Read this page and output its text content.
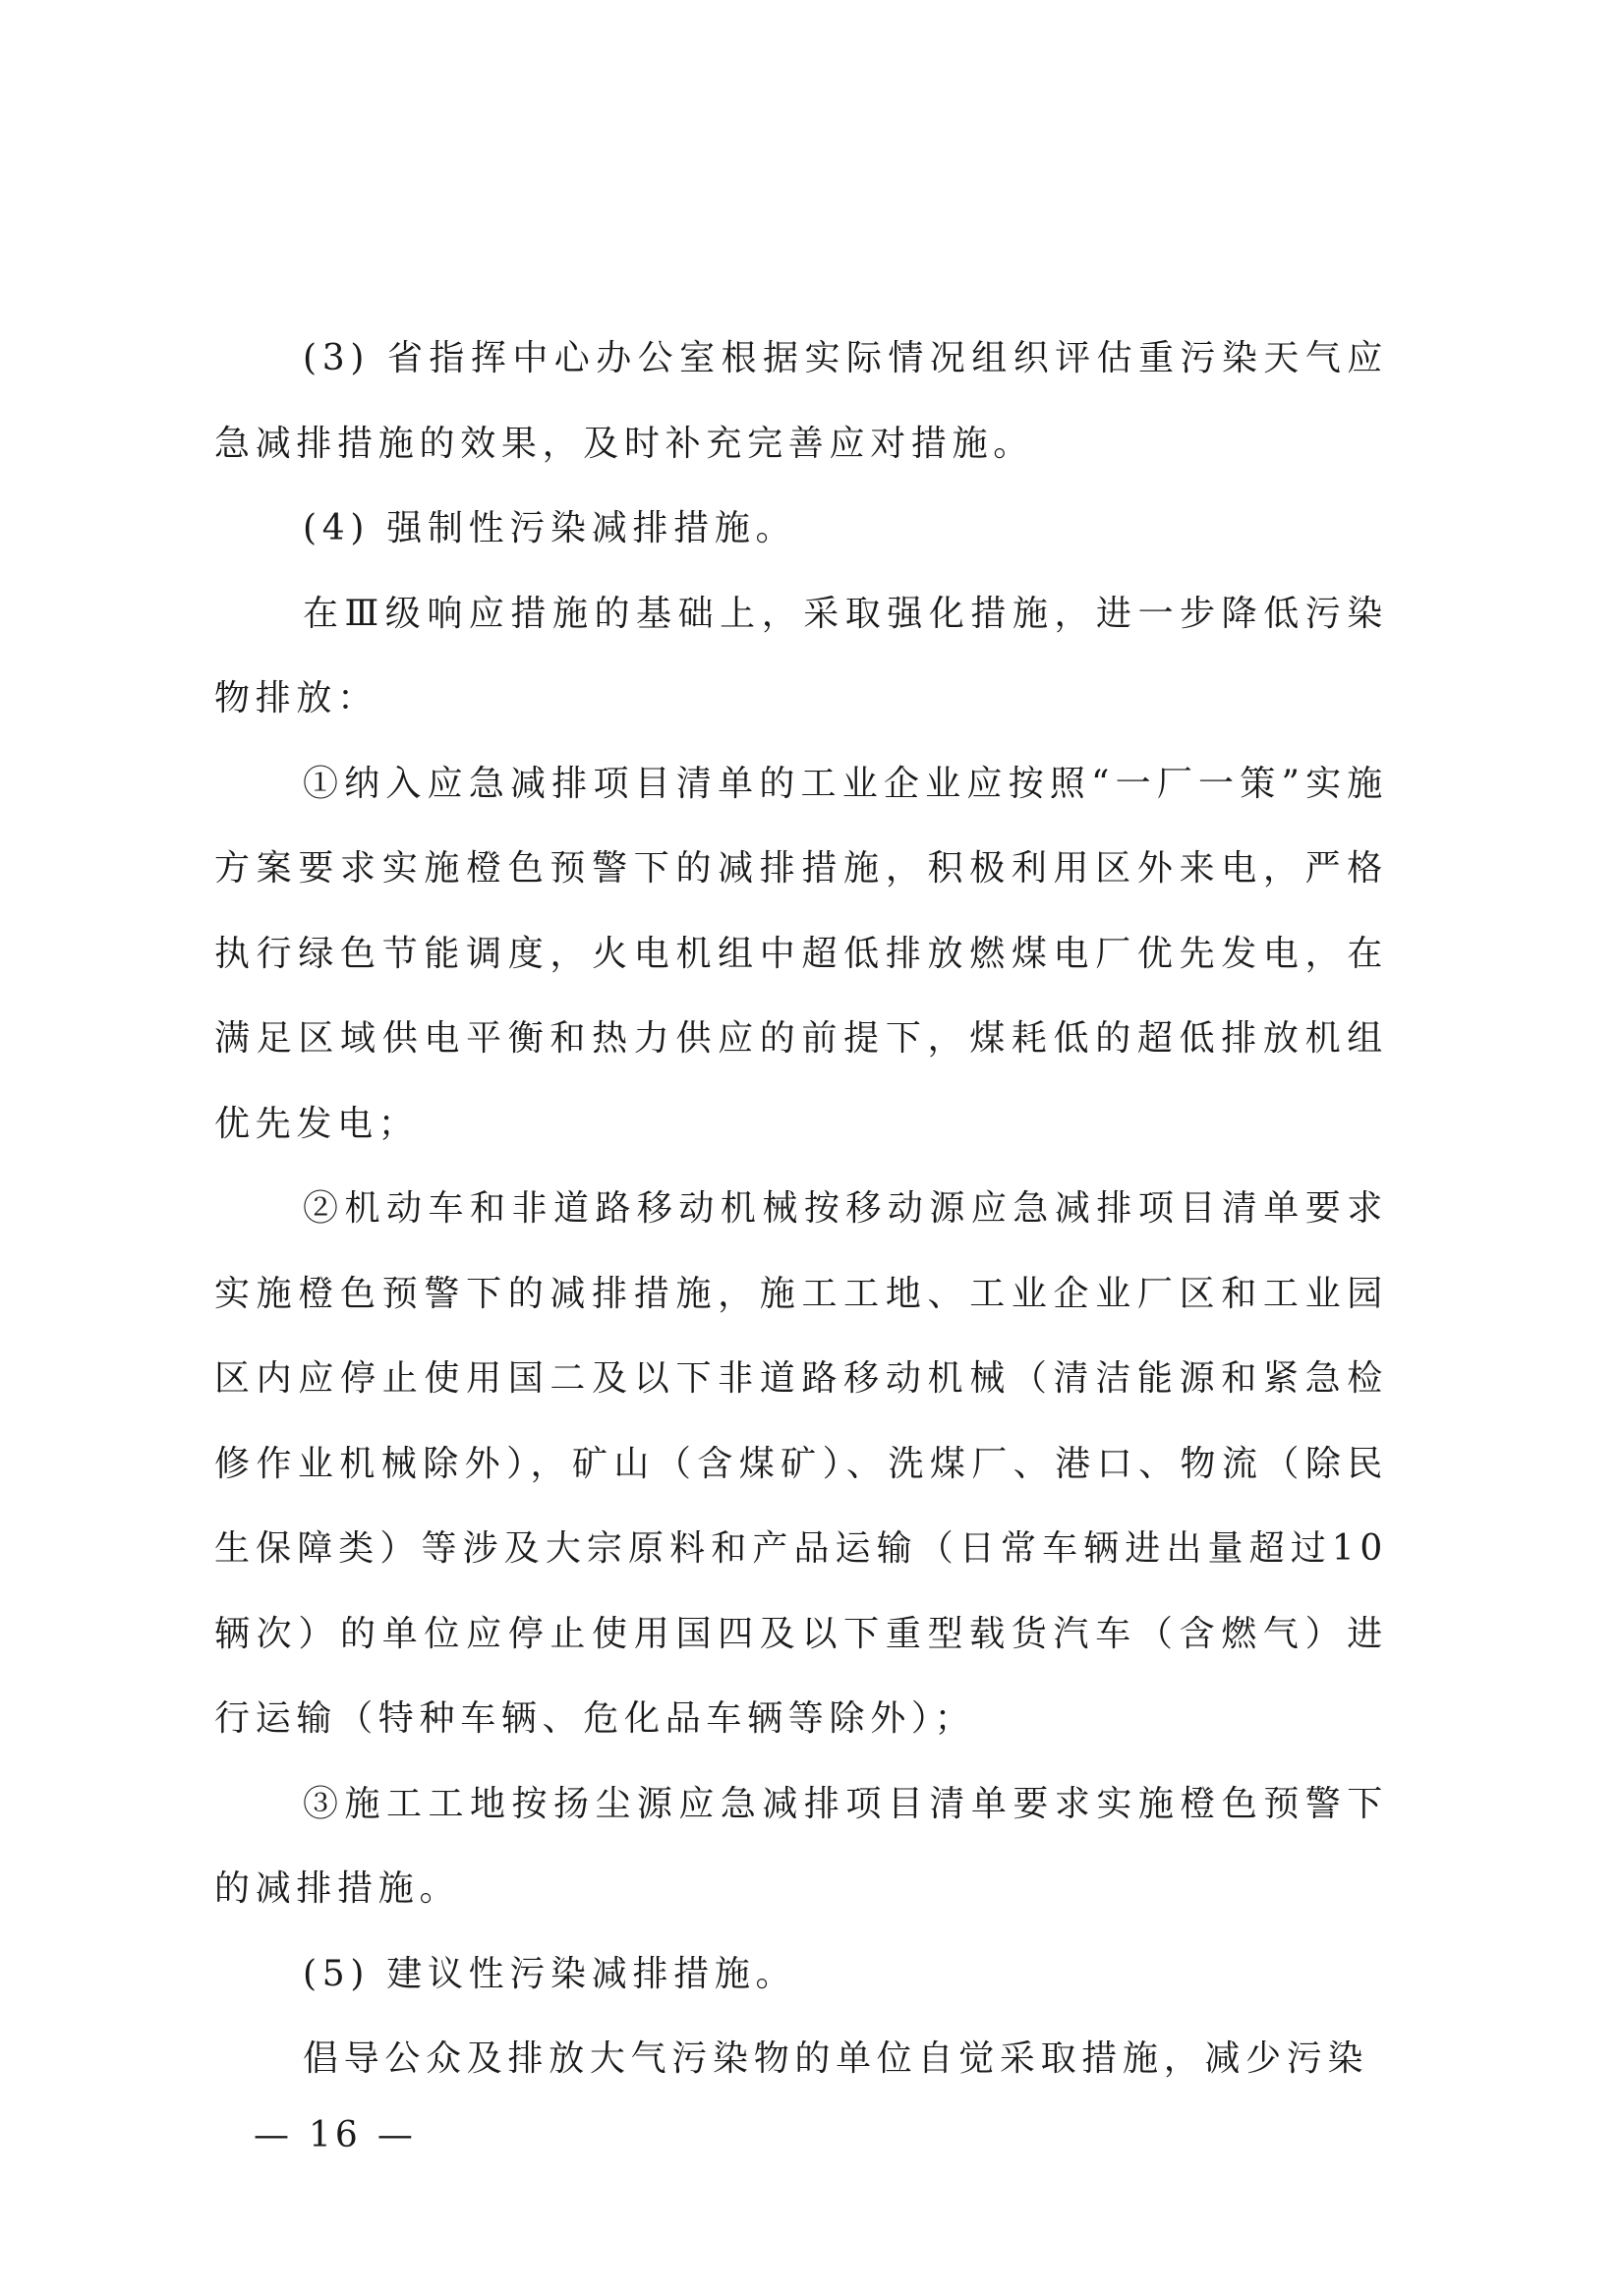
(3) 省指挥中心办公室根据实际情况组织评估重污染天气应急减排措施的效果，及时补充完善应对措施。

(4) 强制性污染减排措施。

在Ⅲ级响应措施的基础上，采取强化措施，进一步降低污染物排放：

①纳入应急减排项目清单的工业企业应按照“一厂一策”实施方案要求实施橙色预警下的减排措施，积极利用区外来电，严格执行绿色节能调度，火电机组中超低排放燃煤电厂优先发电，在满足区域供电平衡和热力供应的前提下，煤耗低的超低排放机组优先发电；

②机动车和非道路移动机械按移动源应急减排项目清单要求实施橙色预警下的减排措施，施工工地、工业企业厂区和工业园区内应停止使用国二及以下非道路移动机械（清洁能源和紧急检修作业机械除外），矿山（含煤矿）、洗煤厂、港口、物流（除民生保障类）等涉及大宗原料和产品运输（日常车辆进出量超过10 辆次）的单位应停止使用国四及以下重型载货汽车（含燃气）进行运输（特种车辆、危化品车辆等除外）；

③施工工地按扬尘源应急减排项目清单要求实施橙色预警下的减排措施。

(5) 建议性污染减排措施。

倡导公众及排放大气污染物的单位自觉采取措施，减少污染

— 16 —
